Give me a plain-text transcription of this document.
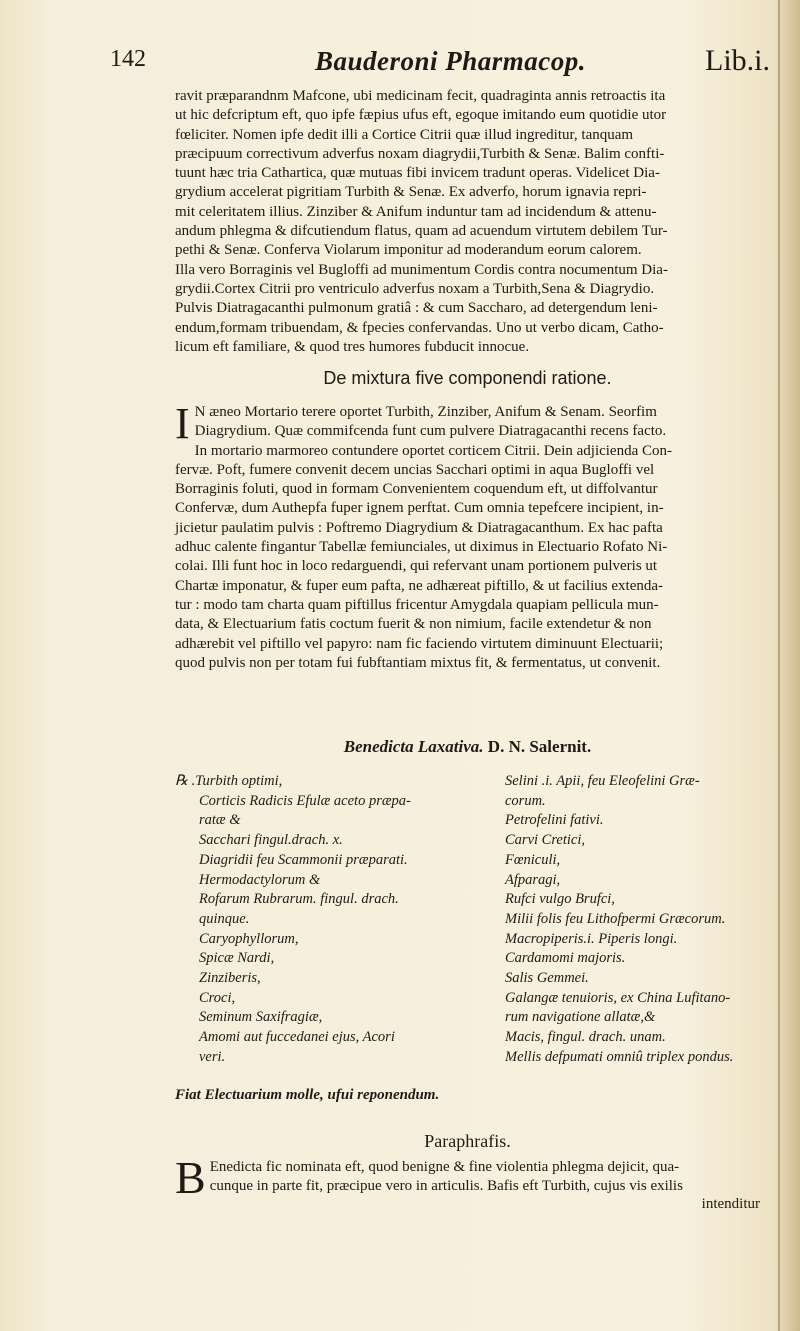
142	Bauderoni Pharmacop.	Lib.i.
ravit præparandnm Mafcone, ubi medicinam fecit, quadraginta annis retroactis ita
ut hic defcriptum eft, quo ipfe fæpius ufus eft, egoque imitando eum quotidie utor
fœliciter. Nomen ipfe dedit illi a Cortice Citrii quæ illud ingreditur, tanquam
præcipuum correctivum adverfus noxam diagrydii,Turbith & Senæ. Balim confti-
tuunt hæc tria Cathartica, quæ mutuas fibi invicem tradunt operas. Videlicet Dia-
grydium accelerat pigritiam Turbith & Senæ. Ex adverfo, horum ignavia repri-
mit celeritatem illius. Zinziber & Anifum induntur tam ad incidendum & attenu-
andum phlegma & difcutiendum flatus, quam ad acuendum virtutem debilem Tur-
pethi & Senæ. Conferva Violarum imponitur ad moderandum eorum calorem.
Illa vero Borraginis vel Bugloffi ad munimentum Cordis contra nocumentum Dia-
grydii.Cortex Citrii pro ventriculo adverfus noxam a Turbith,Sena & Diagrydio.
Pulvis Diatragacanthi pulmonum gratiâ : & cum Saccharo, ad detergendum leni-
endum,formam tribuendam, & fpecies confervandas. Uno ut verbo dicam, Catho-
licum eft familiare, & quod tres humores fubducit innocue.
De mixtura five componendi ratione.
I N æneo Mortario terere oportet Turbith, Zinziber, Anifum & Senam. Seorfim
Diagrydium. Quæ commifcenda funt cum pulvere Diatragacanthi recens facto.
In mortario marmoreo contundere oportet corticem Citrii. Dein adjicienda Con-
fervæ. Poft, fumere convenit decem uncias Sacchari optimi in aqua Bugloffi vel
Borraginis foluti, quod in formam Convenientem coquendum eft, ut diffolvantur
Confervæ, dum Authepfa fuper ignem perftat. Cum omnia tepefcere incipient, in-
jicietur paulatim pulvis : Poftremo Diagrydium & Diatragacanthum. Ex hac pafta
adhuc calente fingantur Tabellæ femiunciales, ut diximus in Electuario Rofato Ni-
colai. Illi funt hoc in loco redarguendi, qui refervant unam portionem pulveris ut
Chartæ imponatur, & fuper eum pafta, ne adhæreat piftillo, & ut facilius extenda-
tur : modo tam charta quam piftillus fricentur Amygdala quapiam pellicula mun-
data, & Electuarium fatis coctum fuerit & non nimium, facile extendetur & non
adhærebit vel piftillo vel papyro: nam fic faciendo virtutem diminuunt Electuarii;
quod pulvis non per totam fui fubftantiam mixtus fit, & fermentatus, ut convenit.
Benedicta Laxativa. D. N. Salernit.
℞ .Turbith optimi,
Corticis Radicis Efulæ aceto præpa-
ratæ &
Sacchari fingul.drach. x.
Diagridii feu Scammonii præparati.
Hermodactylorum &
Rofarum Rubrarum. fingul. drach.
quinque.
Caryophyllorum,
Spicæ Nardi,
Zinziberis,
Croci,
Seminum Saxifragiæ,
Amomi aut fuccedanei ejus, Acori
veri.
Selini .i. Apii, feu Eleofelini Græ-
corum.
Petrofelini fativi.
Carvi Cretici,
Fœniculi,
Afparagi,
Rufci vulgo Brufci,
Milii folis feu Lithofpermi Græcorum.
Macropiperis.i. Piperis longi.
Cardamomi majoris.
Salis Gemmei.
Galangæ tenuioris, ex China Lufitano-
rum navigatione allatæ,&
Macis, fingul. drach. unam.
Mellis defpumati omniû triplex pondus.
Fiat Electuarium molle, ufui reponendum.
Paraphrafis.
B Enedicta fic nominata eft, quod benigne & fine violentia phlegma dejicit, qua-
cunque in parte fit, præcipue vero in articulis. Bafis eft Turbith, cujus vis exilis
intenditur
